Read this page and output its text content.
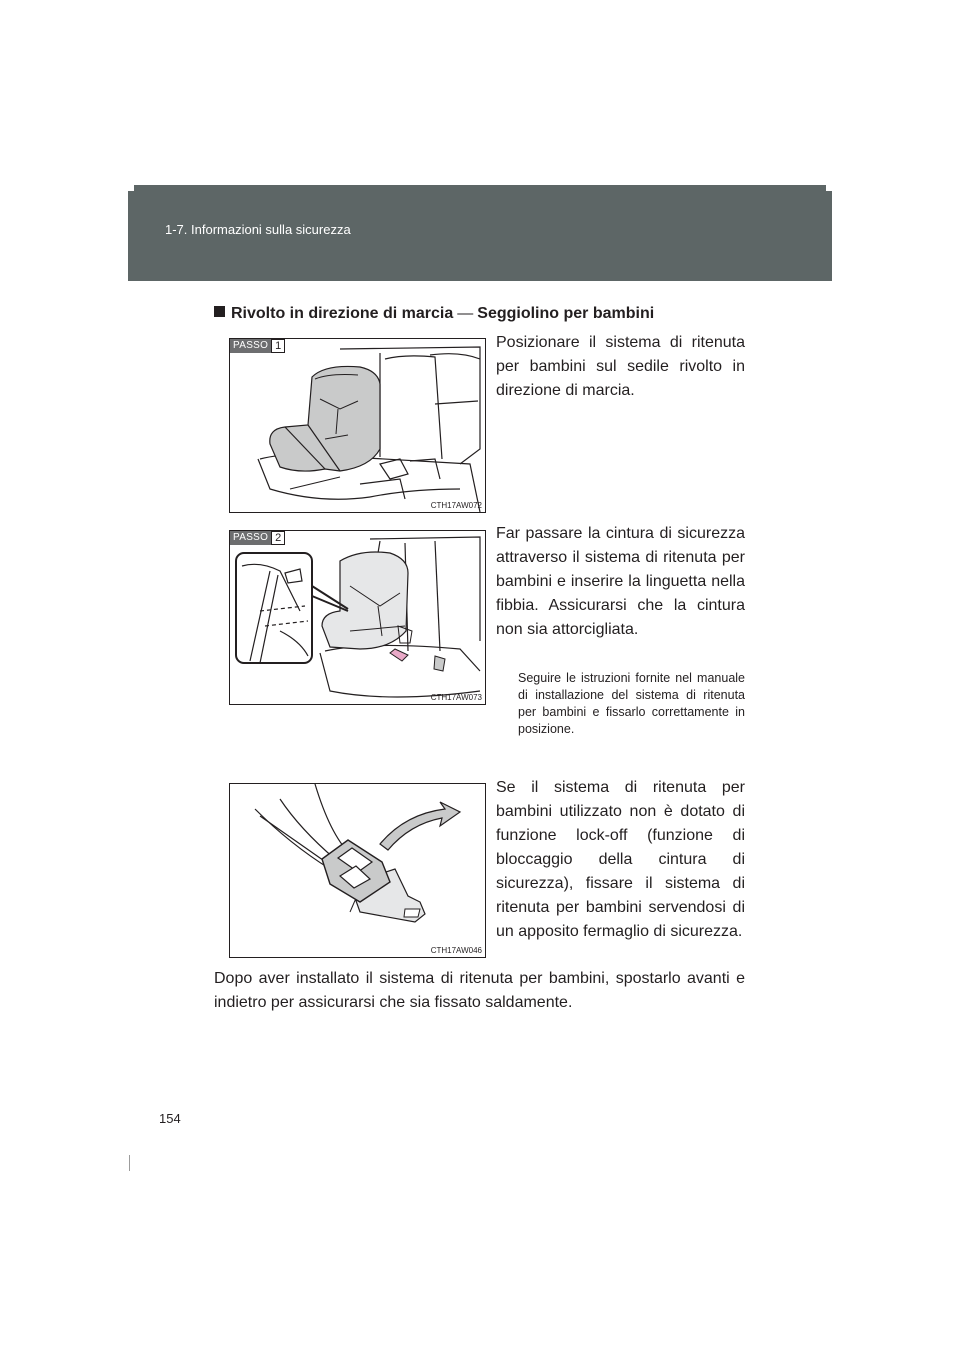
1-7. Informazioni sulla sicurezza
Rivolto in direzione di marcia — Seggiolino per bambini
PASSO 1
CTH17AW072
Posizionare il sistema di ritenuta per bambini sul sedile rivolto in direzione di marcia.
PASSO 2
CTH17AW073
Far passare la cintura di sicurezza attraverso il sistema di ritenuta per bambini e inserire la linguetta nella fibbia. Assicurarsi che la cintura non sia attorcigliata.
Seguire le istruzioni fornite nel manuale di installazione del sistema di ritenuta per bambini e fissarlo correttamente in posizione.
CTH17AW046
Se il sistema di ritenuta per bambini utilizzato non è dotato di funzione lock-off (funzione di bloccaggio della cintura di sicurezza), fissare il sistema di ritenuta per bambini servendosi di un apposito fermaglio di sicurezza.
Dopo aver installato il sistema di ritenuta per bambini, spostarlo avanti e indietro per assicurarsi che sia fissato saldamente.
154
